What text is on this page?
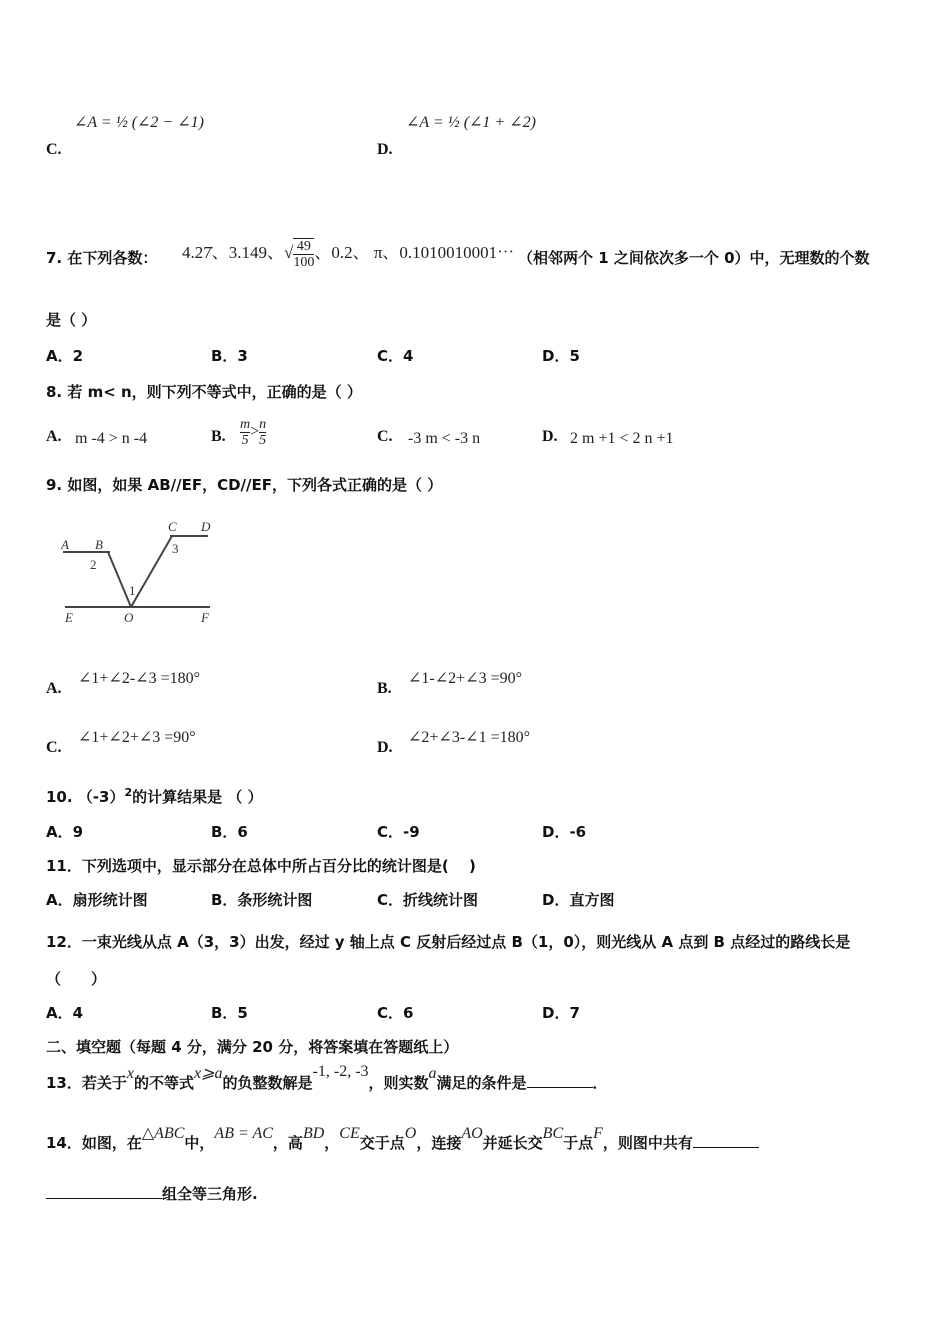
∠A = ½ (∠2 − ∠1)
C.
∠A = ½ (∠1 + ∠2)
D.
7. 在下列各数： 4.27̇、3.149、√ $\frac{49}{100}$ 、0.2、 π、0.1010010001⋯ （相邻两个 1 之间依次多一个 0）中，无理数的个数
是（ ）
A．2	B．3	C．4	D．5
8. 若 m< n，则下列不等式中，正确的是（ ）
A. m -4 > n -4	B. $\frac{m}{5} > \frac{n}{5}$	C. -3 m < -3 n	D. 2 m +1 < 2 n +1
9. 如图，如果 AB//EF，CD//EF，下列各式正确的是（ ）
A B
C D
E	O	F
1
2
3
A.
∠1+∠2-∠3 =180°
B.
∠1-∠2+∠3 =90°
C.
∠1+∠2+∠3 =90°
D.
∠2+∠3-∠1 =180°
10. $(-3)^2$的计算结果是 （ ）
A．9	B．6	C．-9	D．-6
11．下列选项中，显示部分在总体中所占百分比的统计图是(　 )
A．扇形统计图	B．条形统计图	C．折线统计图	D．直方图
12．一束光线从点 A（3，3）出发，经过 y 轴上点 C 反射后经过点 B（1，0），则光线从 A 点到 B 点经过的路线长是
（　　）
A．4	B．5	C．6	D．7
二、填空题（每题 4 分，满分 20 分，将答案填在答题纸上）
13．若关于x的不等式x⩾a的负整数解是-1, -2, -3，则实数a满足的条件是	．
14．如图，在△ABC中，AB = AC，高BD，CE交于点O，连接AO并延长交BC于点F，则图中共有
组全等三角形.
